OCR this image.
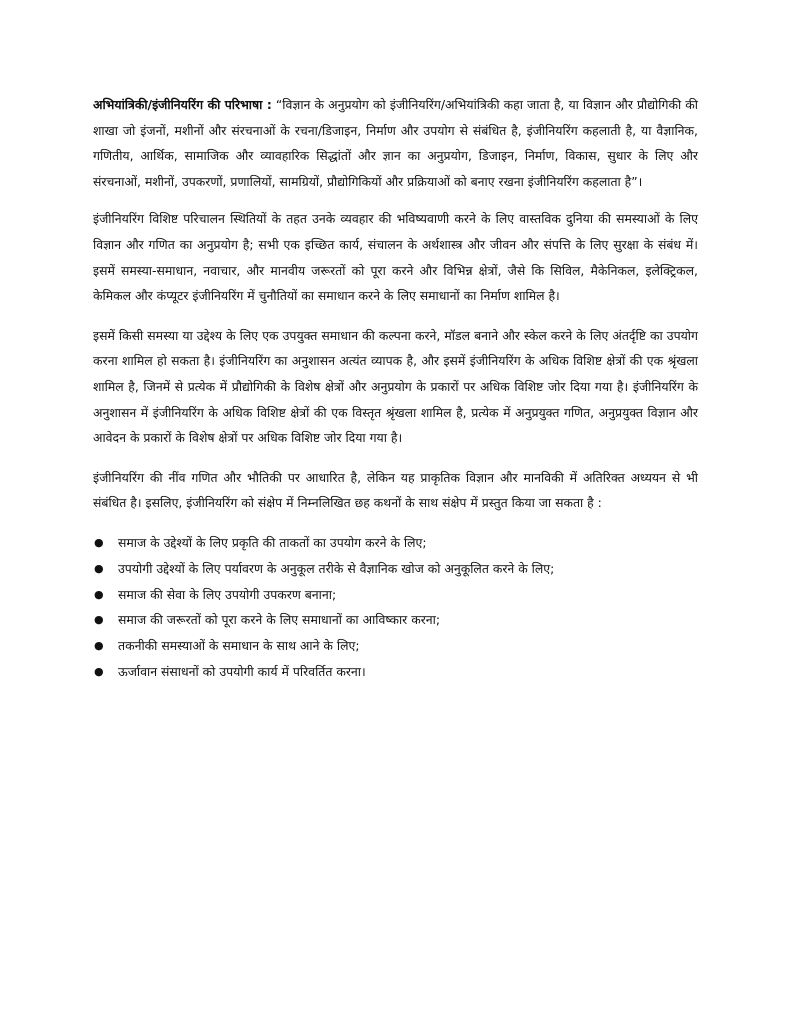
अभियांत्रिकी/इंजीनियरिंग की परिभाषा : “विज्ञान के अनुप्रयोग को इंजीनियरिंग/अभियांत्रिकी कहा जाता है, या विज्ञान और प्रौद्योगिकी की शाखा जो इंजनों, मशीनों और संरचनाओं के रचना/डिजाइन, निर्माण और उपयोग से संबंधित है, इंजीनियरिंग कहलाती है, या वैज्ञानिक, गणितीय, आर्थिक, सामाजिक और व्यावहारिक सिद्धांतों और ज्ञान का अनुप्रयोग, डिजाइन, निर्माण, विकास, सुधार के लिए और संरचनाओं, मशीनों, उपकरणों, प्रणालियों, सामग्रियों, प्रौद्योगिकियों और प्रक्रियाओं को बनाए रखना इंजीनियरिंग कहलाता है”।

इंजीनियरिंग विशिष्ट परिचालन स्थितियों के तहत उनके व्यवहार की भविष्यवाणी करने के लिए वास्तविक दुनिया की समस्याओं के लिए विज्ञान और गणित का अनुप्रयोग है; सभी एक इच्छित कार्य, संचालन के अर्थशास्त्र और जीवन और संपत्ति के लिए सुरक्षा के संबंध में। इसमें समस्या-समाधान, नवाचार, और मानवीय जरूरतों को पूरा करने और विभिन्न क्षेत्रों, जैसे कि सिविल, मैकेनिकल, इलेक्ट्रिकल, केमिकल और कंप्यूटर इंजीनियरिंग में चुनौतियों का समाधान करने के लिए समाधानों का निर्माण शामिल है।

इसमें किसी समस्या या उद्देश्य के लिए एक उपयुक्त समाधान की कल्पना करने, मॉडल बनाने और स्केल करने के लिए अंतर्दृष्टि का उपयोग करना शामिल हो सकता है। इंजीनियरिंग का अनुशासन अत्यंत व्यापक है, और इसमें इंजीनियरिंग के अधिक विशिष्ट क्षेत्रों की एक श्रृंखला शामिल है, जिनमें से प्रत्येक में प्रौद्योगिकी के विशेष क्षेत्रों और अनुप्रयोग के प्रकारों पर अधिक विशिष्ट जोर दिया गया है। इंजीनियरिंग के अनुशासन में इंजीनियरिंग के अधिक विशिष्ट क्षेत्रों की एक विस्तृत श्रृंखला शामिल है, प्रत्येक में अनुप्रयुक्त गणित, अनुप्रयुक्त विज्ञान और आवेदन के प्रकारों के विशेष क्षेत्रों पर अधिक विशिष्ट जोर दिया गया है।

इंजीनियरिंग की नींव गणित और भौतिकी पर आधारित है, लेकिन यह प्राकृतिक विज्ञान और मानविकी में अतिरिक्त अध्ययन से भी संबंधित है। इसलिए, इंजीनियरिंग को संक्षेप में निम्नलिखित छह कथनों के साथ संक्षेप में प्रस्तुत किया जा सकता है :

● समाज के उद्देश्यों के लिए प्रकृति की ताकतों का उपयोग करने के लिए;
● उपयोगी उद्देश्यों के लिए पर्यावरण के अनुकूल तरीके से वैज्ञानिक खोज को अनुकूलित करने के लिए;
● समाज की सेवा के लिए उपयोगी उपकरण बनाना;
● समाज की जरूरतों को पूरा करने के लिए समाधानों का आविष्कार करना;
● तकनीकी समस्याओं के समाधान के साथ आने के लिए;
● ऊर्जावान संसाधनों को उपयोगी कार्य में परिवर्तित करना।
